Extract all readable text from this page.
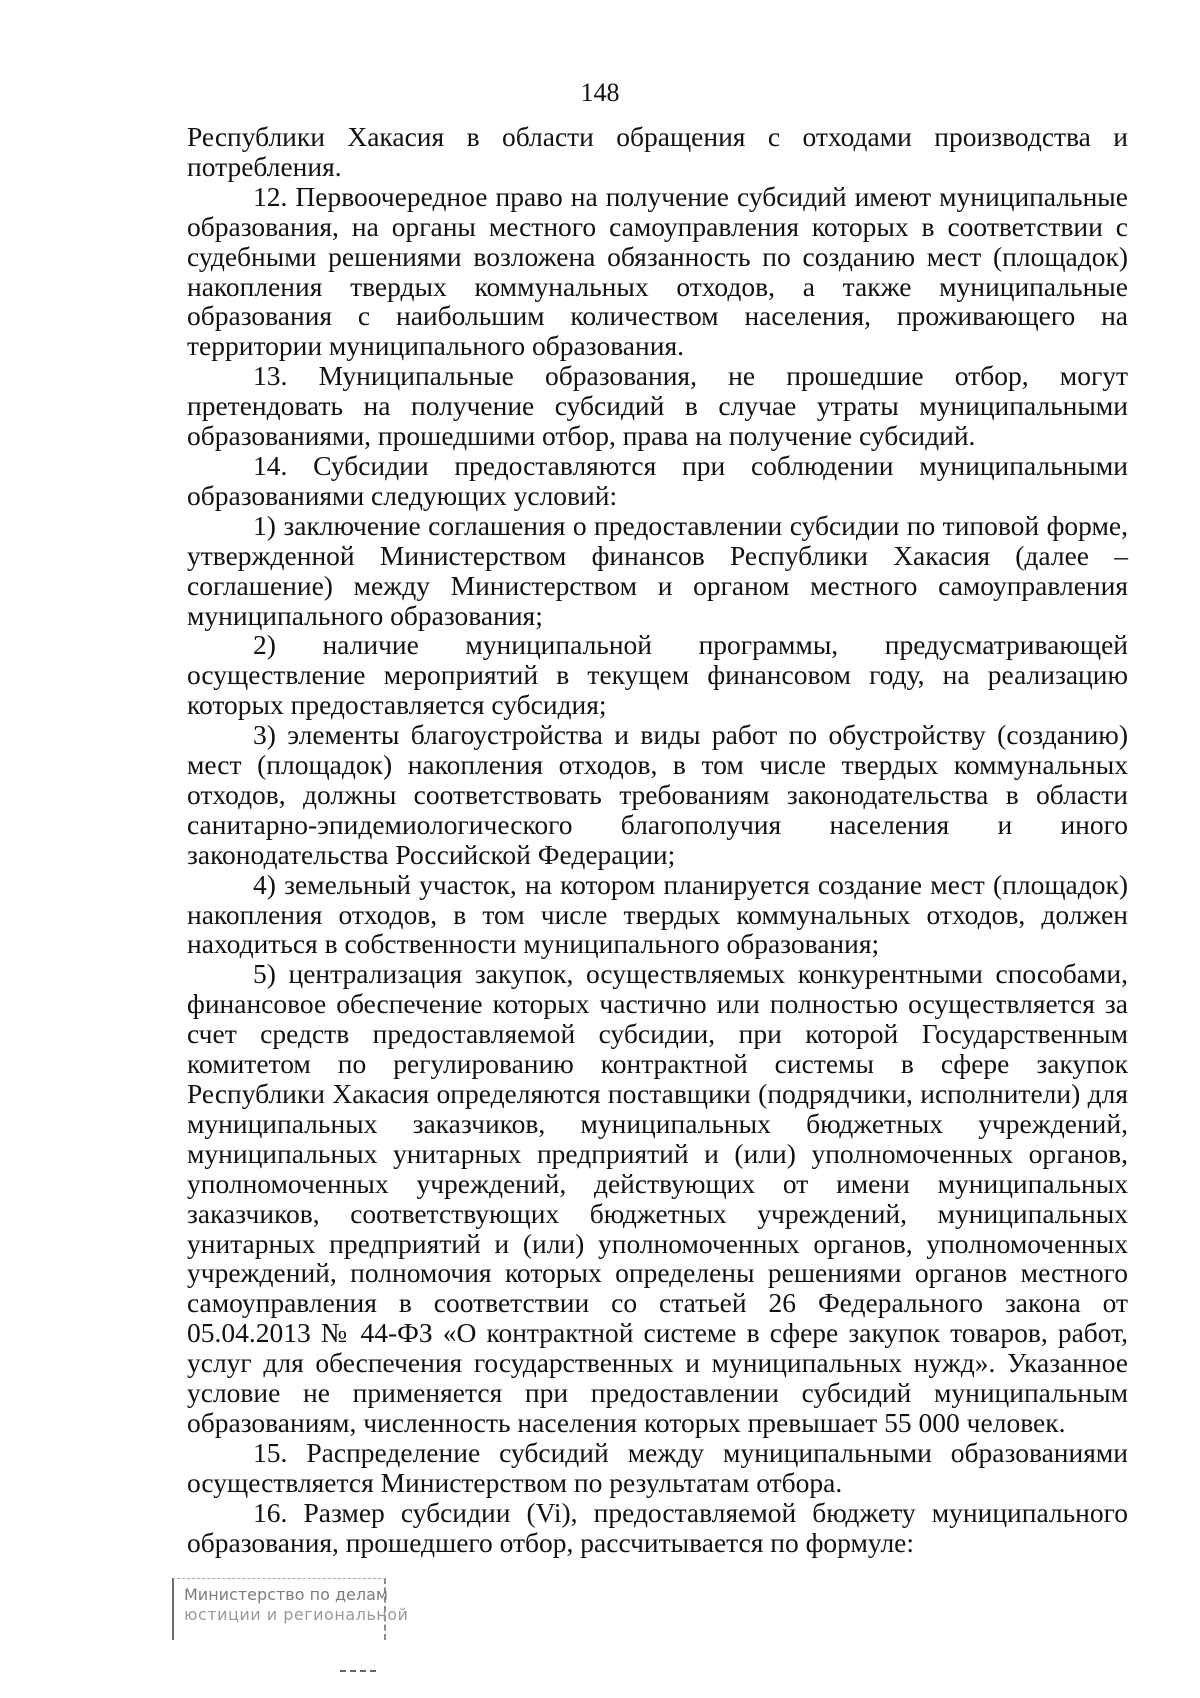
148

Республики Хакасия в области обращения с отходами производства и потребления.

12. Первоочередное право на получение субсидий имеют муниципальные образования, на органы местного самоуправления которых в соответствии с судебными решениями возложена обязанность по созданию мест (площадок) накопления твердых коммунальных отходов, а также муниципальные образования с наибольшим количеством населения, проживающего на территории муниципального образования.

13. Муниципальные образования, не прошедшие отбор, могут претендовать на получение субсидий в случае утраты муниципальными образованиями, прошедшими отбор, права на получение субсидий.

14. Субсидии предоставляются при соблюдении муниципальными образованиями следующих условий:

1) заключение соглашения о предоставлении субсидии по типовой форме, утвержденной Министерством финансов Республики Хакасия (далее – соглашение) между Министерством и органом местного самоуправления муниципального образования;

2) наличие муниципальной программы, предусматривающей осуществление мероприятий в текущем финансовом году, на реализацию которых предоставляется субсидия;

3) элементы благоустройства и виды работ по обустройству (созданию) мест (площадок) накопления отходов, в том числе твердых коммунальных отходов, должны соответствовать требованиям законодательства в области санитарно-эпидемиологического благополучия населения и иного законодательства Российской Федерации;

4) земельный участок, на котором планируется создание мест (площадок) накопления отходов, в том числе твердых коммунальных отходов, должен находиться в собственности муниципального образования;

5) централизация закупок, осуществляемых конкурентными способами, финансовое обеспечение которых частично или полностью осуществляется за счет средств предоставляемой субсидии, при которой Государственным комитетом по регулированию контрактной системы в сфере закупок Республики Хакасия определяются поставщики (подрядчики, исполнители) для муниципальных заказчиков, муниципальных бюджетных учреждений, муниципальных унитарных предприятий и (или) уполномоченных органов, уполномоченных учреждений, действующих от имени муниципальных заказчиков, соответствующих бюджетных учреждений, муниципальных унитарных предприятий и (или) уполномоченных органов, уполномоченных учреждений, полномочия которых определены решениями органов местного самоуправления в соответствии со статьей 26 Федерального закона от 05.04.2013 № 44-ФЗ «О контрактной системе в сфере закупок товаров, работ, услуг для обеспечения государственных и муниципальных нужд». Указанное условие не применяется при предоставлении субсидий муниципальным образованиям, численность населения которых превышает 55 000 человек.

15. Распределение субсидий между муниципальными образованиями осуществляется Министерством по результатам отбора.

16. Размер субсидии (Vi), предоставляемой бюджету муниципального образования, прошедшего отбор, рассчитывается по формуле:

Министерство по делам
юстиции и региональной
